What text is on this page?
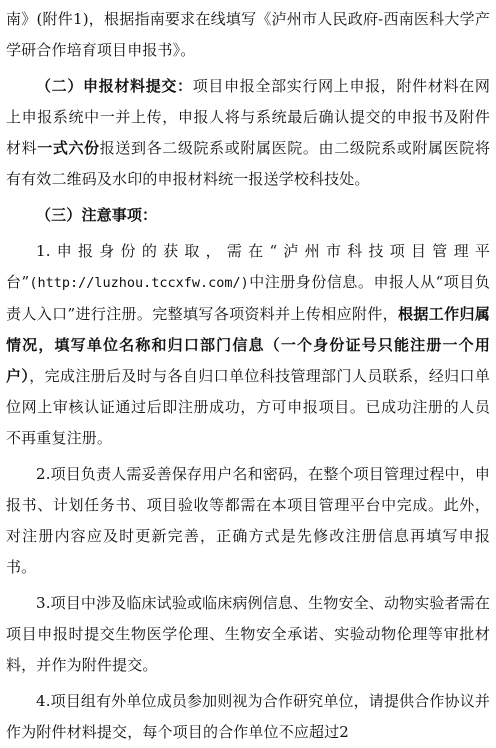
南》(附件1)，根据指南要求在线填写《泸州市人民政府-西南医科大学产学研合作培育项目申报书》。

（二）申报材料提交：项目申报全部实行网上申报，附件材料在网上申报系统中一并上传，申报人将与系统最后确认提交的申报书及附件材料一式六份报送到各二级院系或附属医院。由二级院系或附属医院将有有效二维码及水印的申报材料统一报送学校科技处。

（三）注意事项：

1.申报身份的获取，需在“泸州市科技项目管理平台”(http://luzhou.tccxfw.com/)中注册身份信息。申报人从“项目负责人入口”进行注册。完整填写各项资料并上传相应附件，根据工作归属情况，填写单位名称和归口部门信息（一个身份证号只能注册一个用户），完成注册后及时与各自归口单位科技管理部门人员联系，经归口单位网上审核认证通过后即注册成功，方可申报项目。已成功注册的人员不再重复注册。

2.项目负责人需妥善保存用户名和密码，在整个项目管理过程中，申报书、计划任务书、项目验收等都需在本项目管理平台中完成。此外，对注册内容应及时更新完善，正确方式是先修改注册信息再填写申报书。

3.项目中涉及临床试验或临床病例信息、生物安全、动物实验者需在项目申报时提交生物医学伦理、生物安全承诺、实验动物伦理等审批材料，并作为附件提交。

4.项目组有外单位成员参加则视为合作研究单位，请提供合作协议并作为附件材料提交，每个项目的合作单位不应超过2
